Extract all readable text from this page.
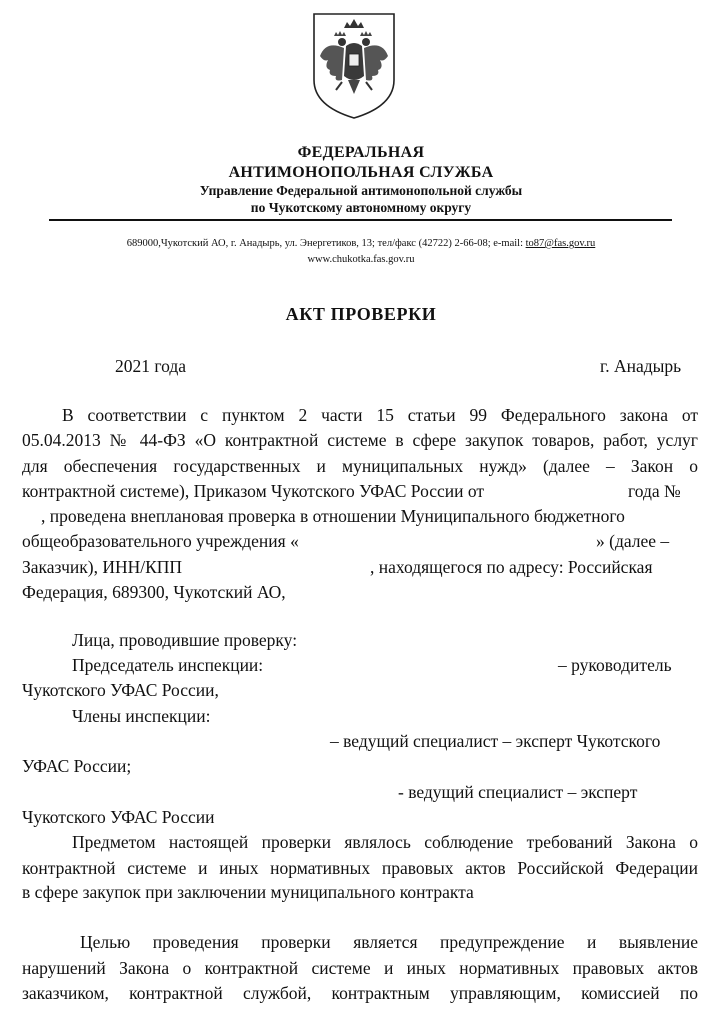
ФЕДЕРАЛЬНАЯ
АНТИМОНОПОЛЬНАЯ СЛУЖБА
Управление Федеральной антимонопольной службы
по Чукотскому автономному округу
689000,Чукотский АО, г. Анадырь, ул. Энергетиков, 13; тел/факс (42722) 2-66-08; e-mail: to87@fas.gov.ru
www.chukotka.fas.gov.ru
АКТ ПРОВЕРКИ
2021 года	г. Анадырь
В соответствии с пунктом 2 части 15 статьи 99 Федерального закона от
05.04.2013 № 44-ФЗ «О контрактной системе в сфере закупок товаров, работ, услуг
для обеспечения государственных и муниципальных нужд» (далее – Закон о
контрактной системе), Приказом Чукотского УФАС России от	года №
, проведена внеплановая проверка в отношении Муниципального бюджетного
общеобразовательного учреждения «	» (далее –
Заказчик), ИНН/КПП	, находящегося по адресу: Российская
Федерация, 689300, Чукотский АО,
Лица, проводившие проверку:
Председатель инспекции:	– руководитель
Чукотского УФАС России,
Члены инспекции:
– ведущий специалист – эксперт Чукотского
УФАС России;
- ведущий специалист – эксперт
Чукотского УФАС России
Предметом настоящей проверки являлось соблюдение требований Закона о
контрактной системе и иных нормативных правовых актов Российской Федерации
в сфере закупок при заключении муниципального контракта
Целью проведения проверки является предупреждение и выявление
нарушений Закона о контрактной системе и иных нормативных правовых актов
заказчиком, контрактной службой, контрактным управляющим, комиссией по
